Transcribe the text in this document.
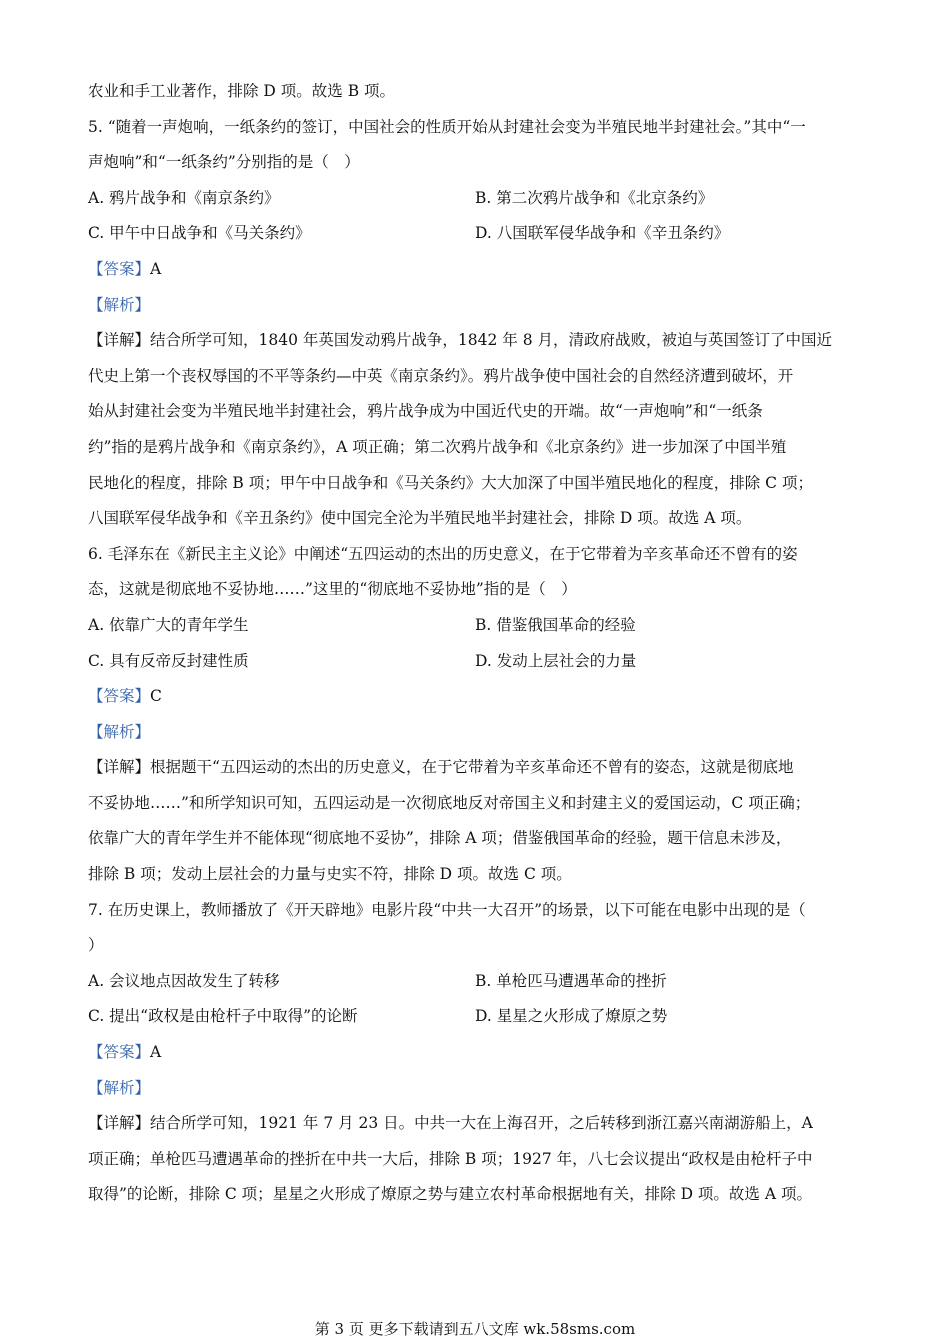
农业和手工业著作，排除 D 项。故选 B 项。
5. “随着一声炮响，一纸条约的签订，中国社会的性质开始从封建社会变为半殖民地半封建社会。”其中“一
声炮响”和“一纸条约”分别指的是（　）
A. 鸦片战争和《南京条约》	B. 第二次鸦片战争和《北京条约》
C. 甲午中日战争和《马关条约》	D. 八国联军侵华战争和《辛丑条约》
【答案】A
【解析】
【详解】结合所学可知，1840 年英国发动鸦片战争，1842 年 8 月，清政府战败，被迫与英国签订了中国近
代史上第一个丧权辱国的不平等条约—中英《南京条约》。鸦片战争使中国社会的自然经济遭到破坏，开
始从封建社会变为半殖民地半封建社会，鸦片战争成为中国近代史的开端。故“一声炮响”和“一纸条
约”指的是鸦片战争和《南京条约》，A 项正确；第二次鸦片战争和《北京条约》进一步加深了中国半殖
民地化的程度，排除 B 项；甲午中日战争和《马关条约》大大加深了中国半殖民地化的程度，排除 C 项；
八国联军侵华战争和《辛丑条约》使中国完全沦为半殖民地半封建社会，排除 D 项。故选 A 项。
6. 毛泽东在《新民主主义论》中阐述“五四运动的杰出的历史意义，在于它带着为辛亥革命还不曾有的姿
态，这就是彻底地不妥协地……”这里的“彻底地不妥协地”指的是（　）
A. 依靠广大的青年学生	B. 借鉴俄国革命的经验
C. 具有反帝反封建性质	D. 发动上层社会的力量
【答案】C
【解析】
【详解】根据题干“五四运动的杰出的历史意义，在于它带着为辛亥革命还不曾有的姿态，这就是彻底地
不妥协地……”和所学知识可知，五四运动是一次彻底地反对帝国主义和封建主义的爱国运动，C 项正确；
依靠广大的青年学生并不能体现“彻底地不妥协”，排除 A 项；借鉴俄国革命的经验，题干信息未涉及，
排除 B 项；发动上层社会的力量与史实不符，排除 D 项。故选 C 项。
7. 在历史课上，教师播放了《开天辟地》电影片段“中共一大召开”的场景，以下可能在电影中出现的是（
）
A. 会议地点因故发生了转移	B. 单枪匹马遭遇革命的挫折
C. 提出“政权是由枪杆子中取得”的论断	D. 星星之火形成了燎原之势
【答案】A
【解析】
【详解】结合所学可知，1921 年 7 月 23 日。中共一大在上海召开，之后转移到浙江嘉兴南湖游船上，A
项正确；单枪匹马遭遇革命的挫折在中共一大后，排除 B 项；1927 年，八七会议提出“政权是由枪杆子中
取得”的论断，排除 C 项；星星之火形成了燎原之势与建立农村革命根据地有关，排除 D 项。故选 A 项。
第 3 页 更多下载请到五八文库 wk.58sms.com
